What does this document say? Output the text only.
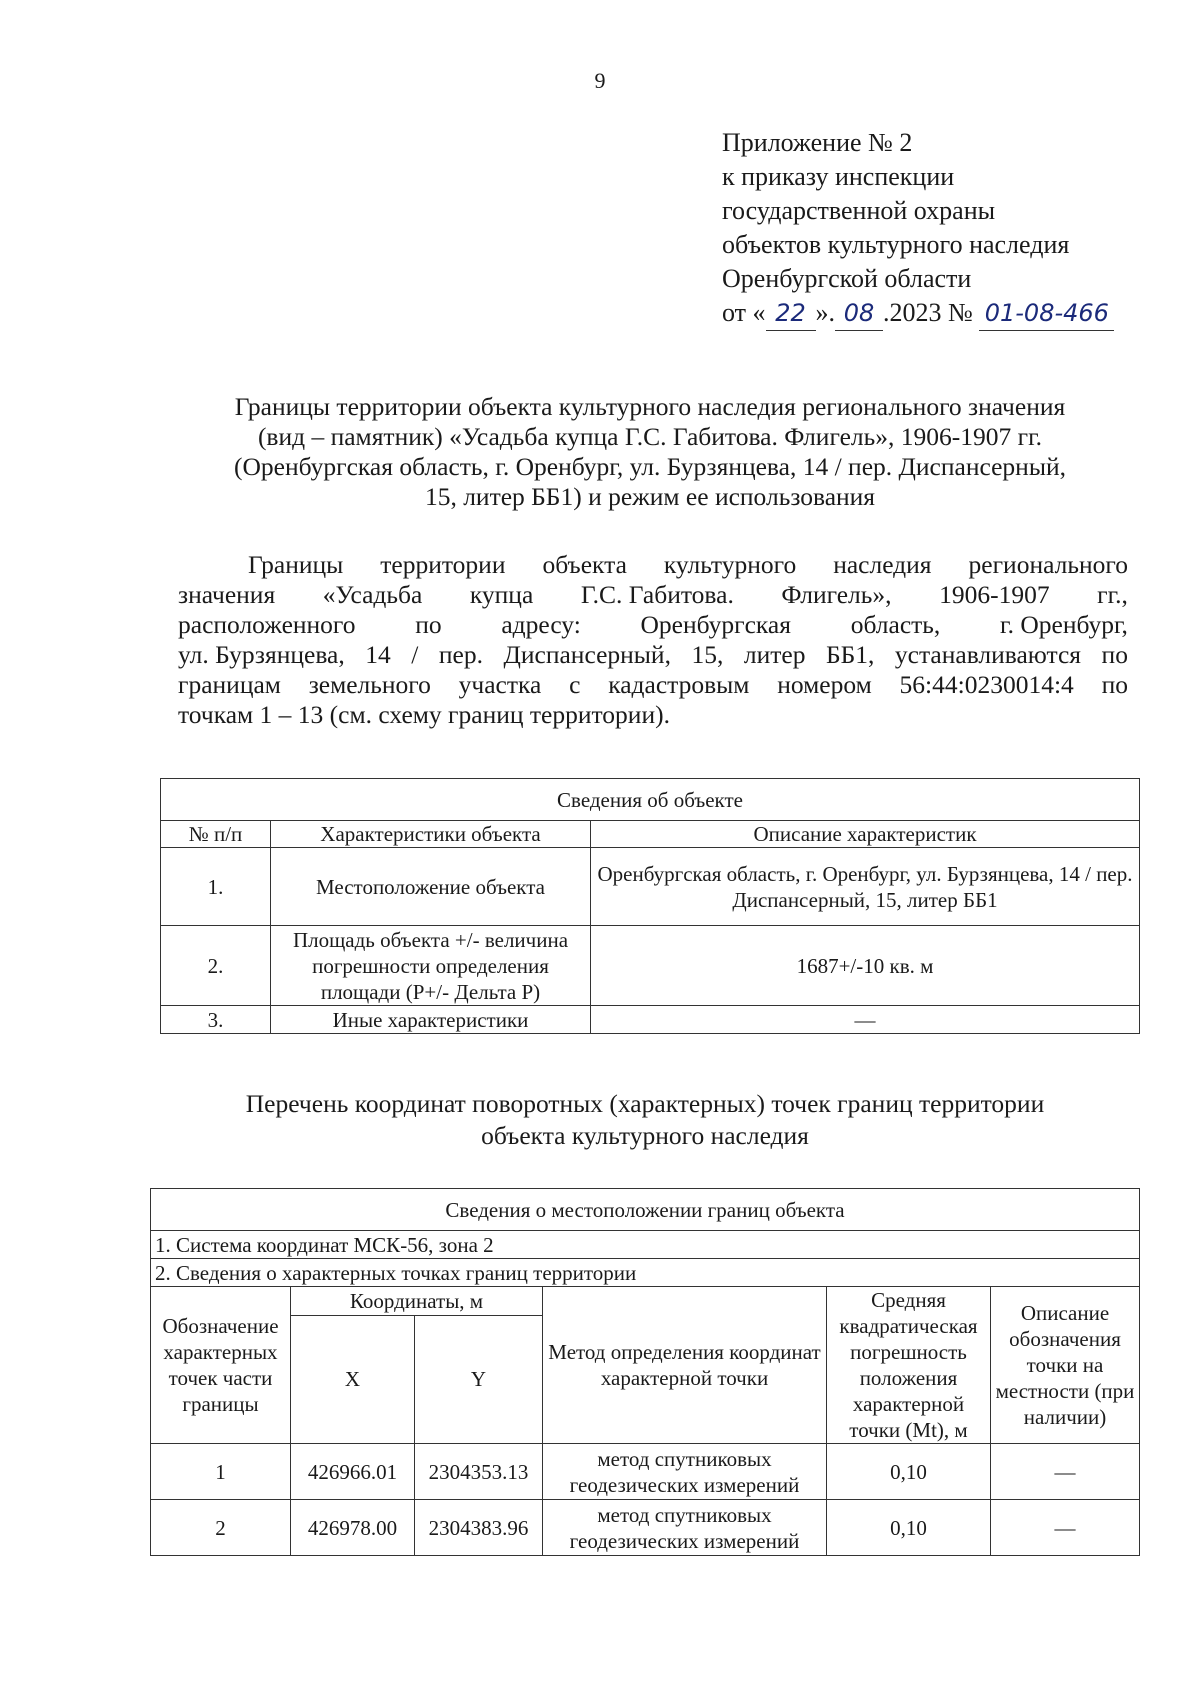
9
Приложение № 2
к приказу инспекции
государственной охраны
объектов культурного наследия
Оренбургской области
от « 22 ». 08 .2023 № 01-08-466
Границы территории объекта культурного наследия регионального значения
(вид – памятник) «Усадьба купца Г.С. Габитова. Флигель», 1906-1907 гг.
(Оренбургская область, г. Оренбург, ул. Бурзянцева, 14 / пер. Диспансерный,
15, литер ББ1) и режим ее использования
Границы территории объекта культурного наследия регионального
значения «Усадьба купца Г.С. Габитова. Флигель», 1906-1907 гг.,
расположенного по адресу: Оренбургская область, г. Оренбург,
ул. Бурзянцева, 14 / пер. Диспансерный, 15, литер ББ1, устанавливаются по
границам земельного участка с кадастровым номером 56:44:0230014:4 по
точкам 1 – 13 (см. схему границ территории).
Сведения об объекте		
№ п/п	Характеристики объекта	Описание характеристик
1.	Местоположение объекта	Оренбургская область, г. Оренбург, ул. Бурзянцева, 14 / пер. Диспансерный, 15, литер ББ1
2.	Площадь объекта +/- величина погрешности определения площади (Р+/- Дельта Р)	1687+/-10 кв. м
3.	Иные характеристики	—
Перечень координат поворотных (характерных) точек границ территории
объекта культурного наследия
Сведения о местоположении границ объекта					
1. Система координат МСК-56, зона 2					
2. Сведения о характерных точках границ территории					
Обозначение характерных точек части границы	Координаты, м		Метод определения координат характерной точки	Средняя квадратическая погрешность положения характерной точки (Mt), м	Описание обозначения точки на местности (при наличии)
	X	Y			
1	426966.01	2304353.13	метод спутниковых геодезических измерений	0,10	—
2	426978.00	2304383.96	метод спутниковых геодезических измерений	0,10	—
